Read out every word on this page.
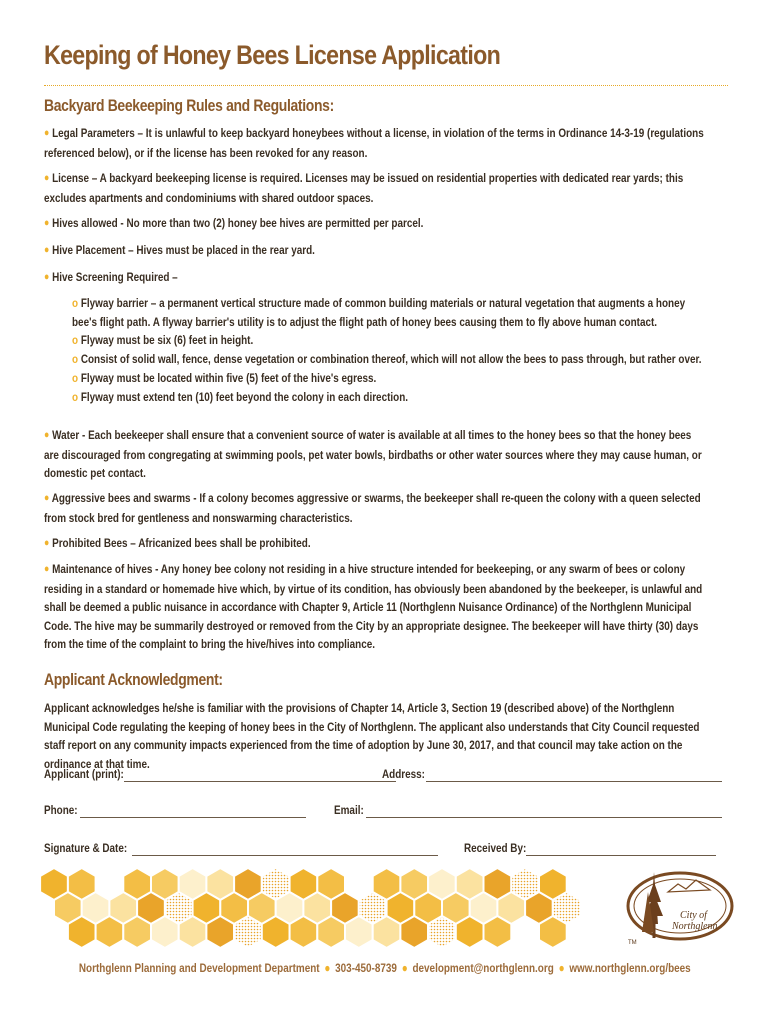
Keeping of Honey Bees License Application
Backyard Beekeeping Rules and Regulations:
● Legal Parameters – It is unlawful to keep backyard honeybees without a license, in violation of the terms in Ordinance 14-3-19 (regulations referenced below), or if the license has been revoked for any reason.
● License – A backyard beekeeping license is required. Licenses may be issued on residential properties with dedicated rear yards; this excludes apartments and condominiums with shared outdoor spaces.
● Hives allowed - No more than two (2) honey bee hives are permitted per parcel.
● Hive Placement – Hives must be placed in the rear yard.
● Hive Screening Required –
o Flyway barrier – a permanent vertical structure made of common building materials or natural vegetation that augments a honey bee's flight path. A flyway barrier's utility is to adjust the flight path of honey bees causing them to fly above human contact.
o Flyway must be six (6) feet in height.
o Consist of solid wall, fence, dense vegetation or combination thereof, which will not allow the bees to pass through, but rather over.
o Flyway must be located within five (5) feet of the hive's egress.
o Flyway must extend ten (10) feet beyond the colony in each direction.
● Water - Each beekeeper shall ensure that a convenient source of water is available at all times to the honey bees so that the honey bees are discouraged from congregating at swimming pools, pet water bowls, birdbaths or other water sources where they may cause human, or domestic pet contact.
● Aggressive bees and swarms - If a colony becomes aggressive or swarms, the beekeeper shall re-queen the colony with a queen selected from stock bred for gentleness and nonswarming characteristics.
● Prohibited Bees – Africanized bees shall be prohibited.
● Maintenance of hives - Any honey bee colony not residing in a hive structure intended for beekeeping, or any swarm of bees or colony residing in a standard or homemade hive which, by virtue of its condition, has obviously been abandoned by the beekeeper, is unlawful and shall be deemed a public nuisance in accordance with Chapter 9, Article 11 (Northglenn Nuisance Ordinance) of the Northglenn Municipal Code. The hive may be summarily destroyed or removed from the City by an appropriate designee. The beekeeper will have thirty (30) days from the time of the complaint to bring the hive/hives into compliance.
Applicant Acknowledgment:
Applicant acknowledges he/she is familiar with the provisions of Chapter 14, Article 3, Section 19 (described above) of the Northglenn Municipal Code regulating the keeping of honey bees in the City of Northglenn. The applicant also understands that City Council requested staff report on any community impacts experienced from the time of adoption by June 30, 2017, and that council may take action on the ordinance at that time.
Applicant (print):	Address:
Phone:	Email:
Signature & Date:	Received By:
City of
Northglenn
TM
Northglenn Planning and Development Department ● 303-450-8739 ● development@northglenn.org ● www.northglenn.org/bees
